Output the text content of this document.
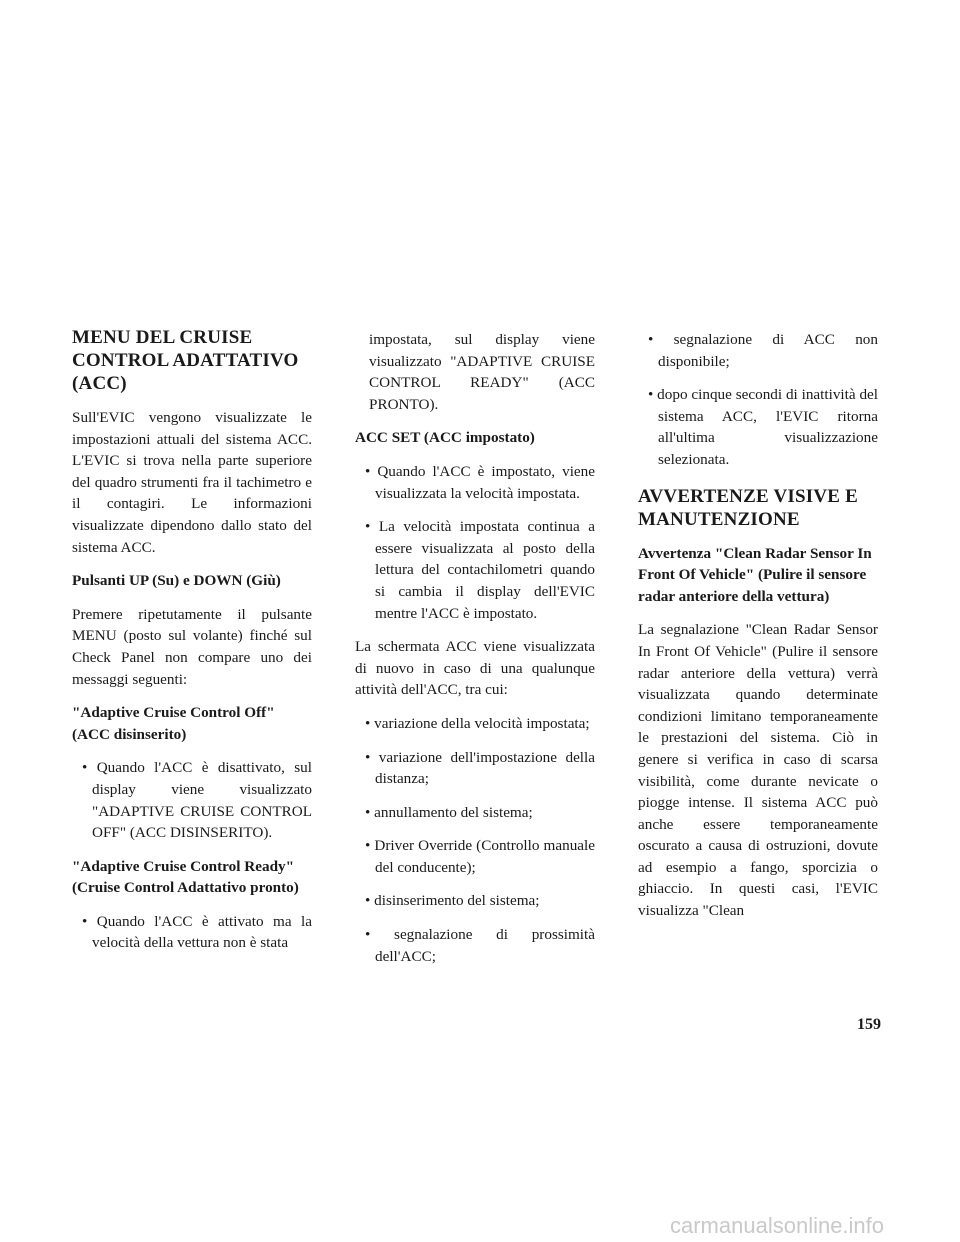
MENU DEL CRUISE CONTROL ADATTATIVO (ACC)

Sull'EVIC vengono visualizzate le impostazioni attuali del sistema ACC. L'EVIC si trova nella parte superiore del quadro strumenti fra il tachimetro e il contagiri. Le informazioni visualizzate dipendono dallo stato del sistema ACC.

Pulsanti UP (Su) e DOWN (Giù)

Premere ripetutamente il pulsante MENU (posto sul volante) finché sul Check Panel non compare uno dei messaggi seguenti:

"Adaptive Cruise Control Off" (ACC disinserito)
• Quando l'ACC è disattivato, sul display viene visualizzato "ADAPTIVE CRUISE CONTROL OFF" (ACC DISINSERITO).
"Adaptive Cruise Control Ready" (Cruise Control Adattativo pronto)
• Quando l'ACC è attivato ma la velocità della vettura non è stata

impostata, sul display viene visualizzato "ADAPTIVE CRUISE CONTROL READY" (ACC PRONTO).

ACC SET (ACC impostato)
• Quando l'ACC è impostato, viene visualizzata la velocità impostata.
• La velocità impostata continua a essere visualizzata al posto della lettura del contachilometri quando si cambia il display dell'EVIC mentre l'ACC è impostato.

La schermata ACC viene visualizzata di nuovo in caso di una qualunque attività dell'ACC, tra cui:

• variazione della velocità impostata;
• variazione dell'impostazione della distanza;
• annullamento del sistema;
• Driver Override (Controllo manuale del conducente);
• disinserimento del sistema;
• segnalazione di prossimità dell'ACC;
• segnalazione di ACC non disponibile;
• dopo cinque secondi di inattività del sistema ACC, l'EVIC ritorna all'ultima visualizzazione selezionata.
AVVERTENZE VISIVE E MANUTENZIONE
Avvertenza "Clean Radar Sensor In Front Of Vehicle" (Pulire il sensore radar anteriore della vettura)

La segnalazione "Clean Radar Sensor In Front Of Vehicle" (Pulire il sensore radar anteriore della vettura) verrà visualizzata quando determinate condizioni limitano temporaneamente le prestazioni del sistema. Ciò in genere si verifica in caso di scarsa visibilità, come durante nevicate o piogge intense. Il sistema ACC può anche essere temporaneamente oscurato a causa di ostruzioni, dovute ad esempio a fango, sporcizia o ghiaccio. In questi casi, l'EVIC visualizza "Clean

159
carmanualsonline.info
